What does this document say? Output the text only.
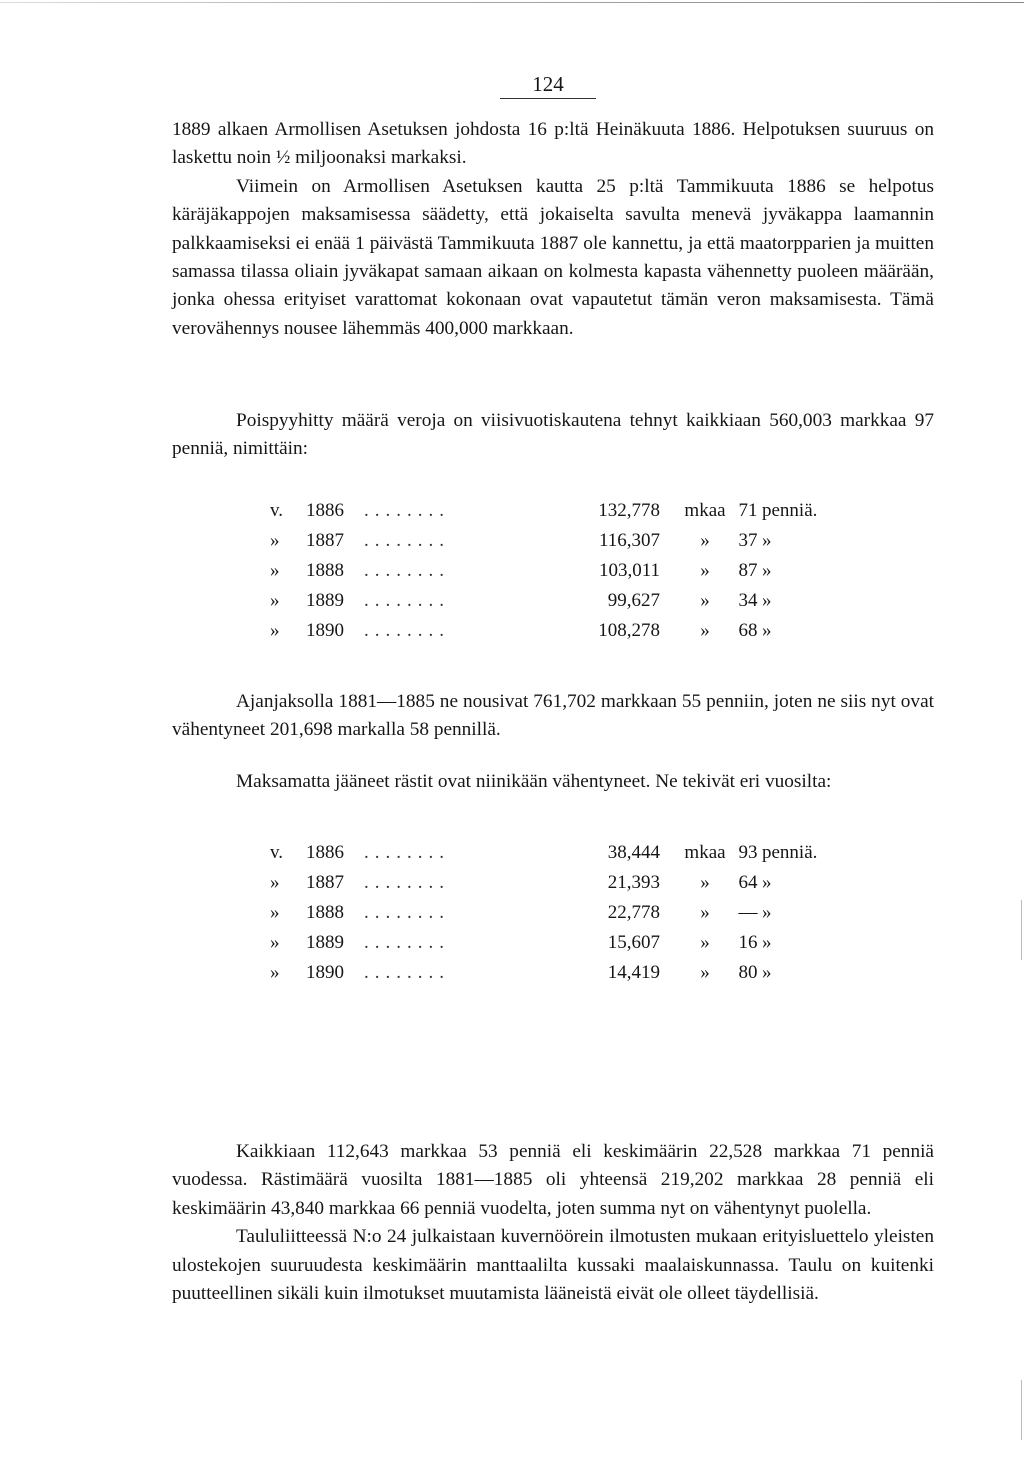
124

1889 alkaen Armollisen Asetuksen johdosta 16 p:ltä Heinäkuuta 1886. Helpotuksen suuruus on laskettu noin ½ miljoonaksi markaksi.

Viimein on Armollisen Asetuksen kautta 25 p:ltä Tammikuuta 1886 se helpotus käräjäkappojen maksamisessa säädetty, että jokaiselta savulta menevä jyväkappa laamannin palkkaamiseksi ei enää 1 päivästä Tammikuuta 1887 ole kannettu, ja että maatorpparien ja muitten samassa tilassa oliain jyväkapat samaan aikaan on kolmesta kapasta vähennetty puoleen määrään, jonka ohessa erityiset varattomat kokonaan ovat vapautetut tämän veron maksamisesta. Tämä verovähennys nousee lähemmäs 400,000 markkaan.

Poispyyhitty määrä veroja on viisivuotiskautena tehnyt kaikkiaan 560,003 markkaa 97 penniä, nimittäin:

v.	1886 ........	132,778	mkaa 71 penniä.
»	1887 ........	116,307	»	37 »
»	1888 ........	103,011	»	87 »
»	1889 ........	99,627	»	34 »
»	1890 ........	108,278	»	68 »

Ajanjaksolla 1881—1885 ne nousivat 761,702 markkaan 55 penniin, joten ne siis nyt ovat vähentyneet 201,698 markalla 58 pennillä.

Maksamatta jääneet rästit ovat niinikään vähentyneet. Ne tekivät eri vuosilta:

v.	1886 ........	38,444	mkaa 93 penniä.
»	1887 ........	21,393	»	64 »
»	1888 ........	22,778	»	— »
»	1889 ........	15,607	»	16 »
»	1890 ........	14,419	»	80 »

Kaikkiaan 112,643 markkaa 53 penniä eli keskimäärin 22,528 markkaa 71 penniä vuodessa. Rästimäärä vuosilta 1881—1885 oli yhteensä 219,202 markkaa 28 penniä eli keskimäärin 43,840 markkaa 66 penniä vuodelta, joten summa nyt on vähentynyt puolella.

Taululiitteessä N:o 24 julkaistaan kuvernöörein ilmotusten mukaan erityisluettelo yleisten ulostekojen suuruudesta keskimäärin manttaalilta kussaki maalaiskunnassa. Taulu on kuitenki puutteellinen sikäli kuin ilmotukset muutamista lääneistä eivät ole olleet täydellisiä.
